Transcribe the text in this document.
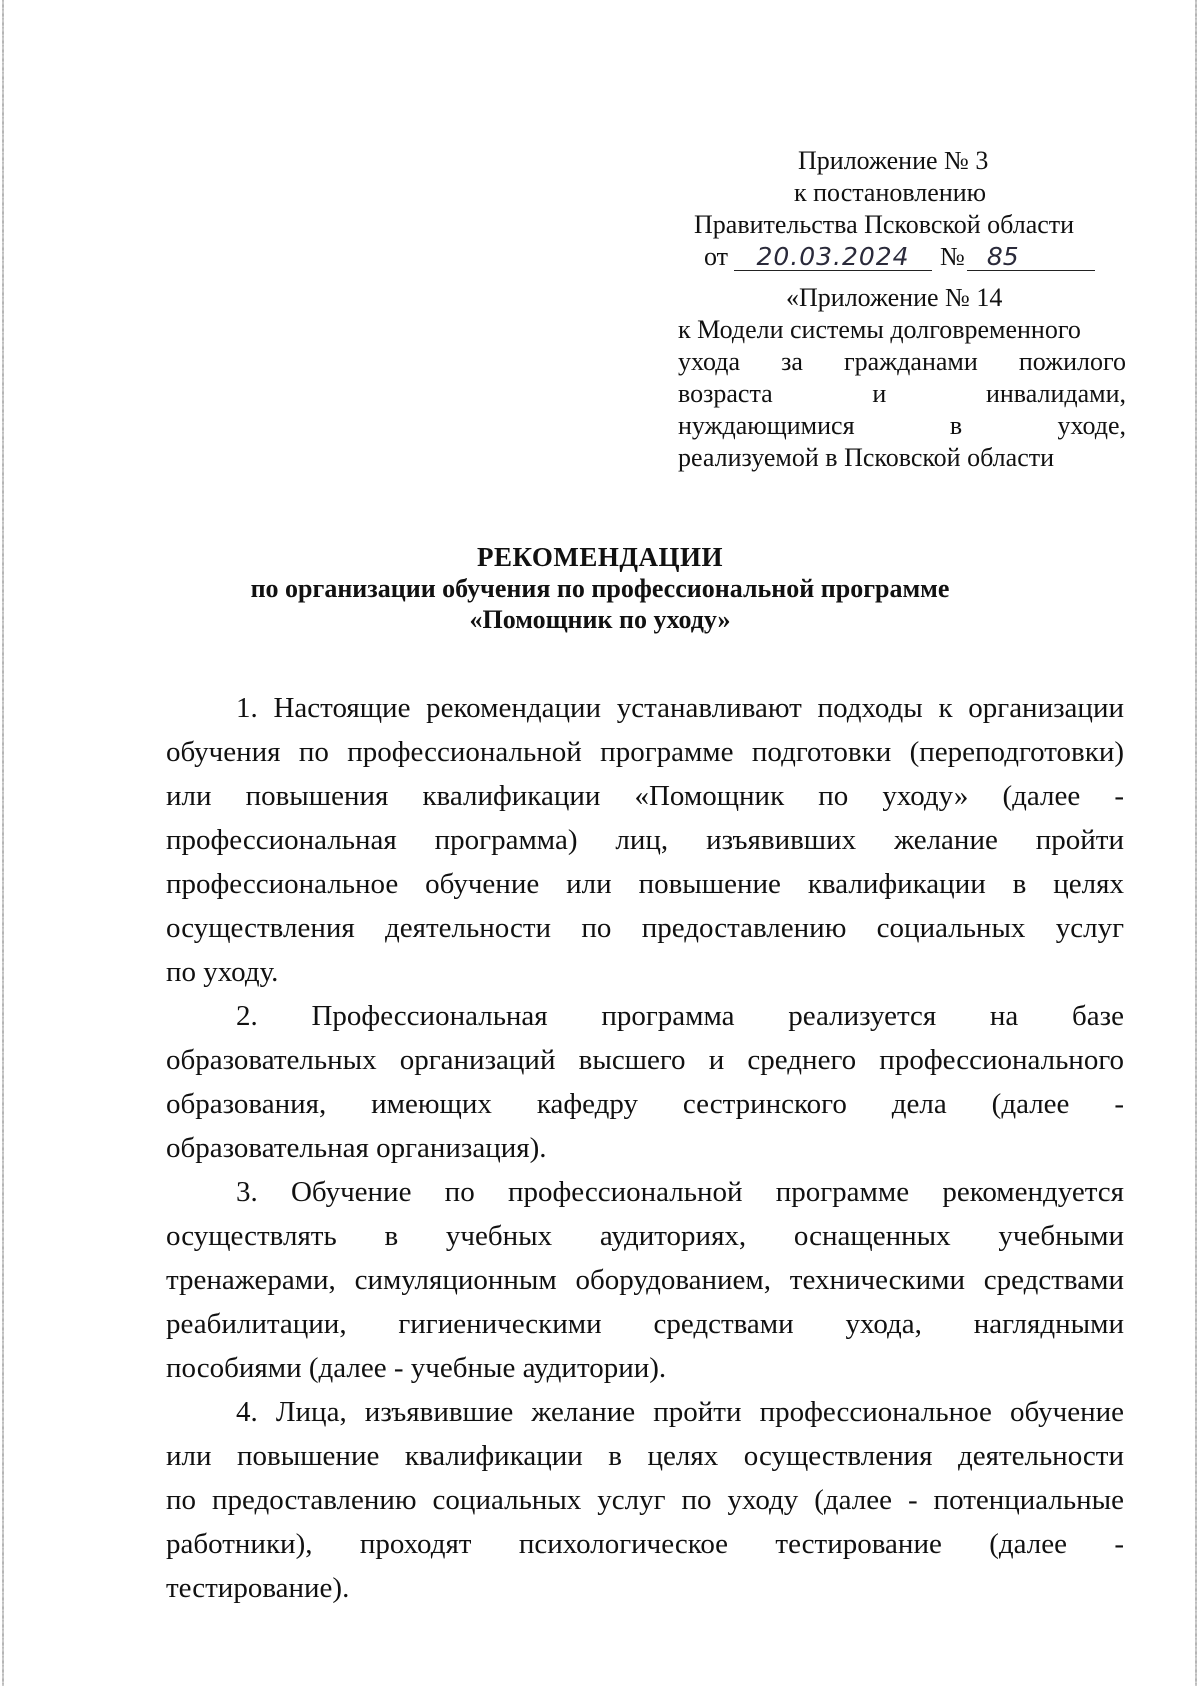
Приложение № 3
к постановлению
Правительства Псковской области
от 20.03.2024 № 85
«Приложение № 14
к Модели системы долговременного
ухода за гражданами пожилого
возраста и инвалидами,
нуждающимися в уходе,
реализуемой в Псковской области
РЕКОМЕНДАЦИИ
по организации обучения по профессиональной программе
«Помощник по уходу»
1. Настоящие рекомендации устанавливают подходы к организации
обучения по профессиональной программе подготовки (переподготовки)
или повышения квалификации «Помощник по уходу» (далее -
профессиональная программа) лиц, изъявивших желание пройти
профессиональное обучение или повышение квалификации в целях
осуществления деятельности по предоставлению социальных услуг
по уходу.
2. Профессиональная программа реализуется на базе
образовательных организаций высшего и среднего профессионального
образования, имеющих кафедру сестринского дела (далее -
образовательная организация).
3. Обучение по профессиональной программе рекомендуется
осуществлять в учебных аудиториях, оснащенных учебными
тренажерами, симуляционным оборудованием, техническими средствами
реабилитации, гигиеническими средствами ухода, наглядными
пособиями (далее - учебные аудитории).
4. Лица, изъявившие желание пройти профессиональное обучение
или повышение квалификации в целях осуществления деятельности
по предоставлению социальных услуг по уходу (далее - потенциальные
работники), проходят психологическое тестирование (далее -
тестирование).
